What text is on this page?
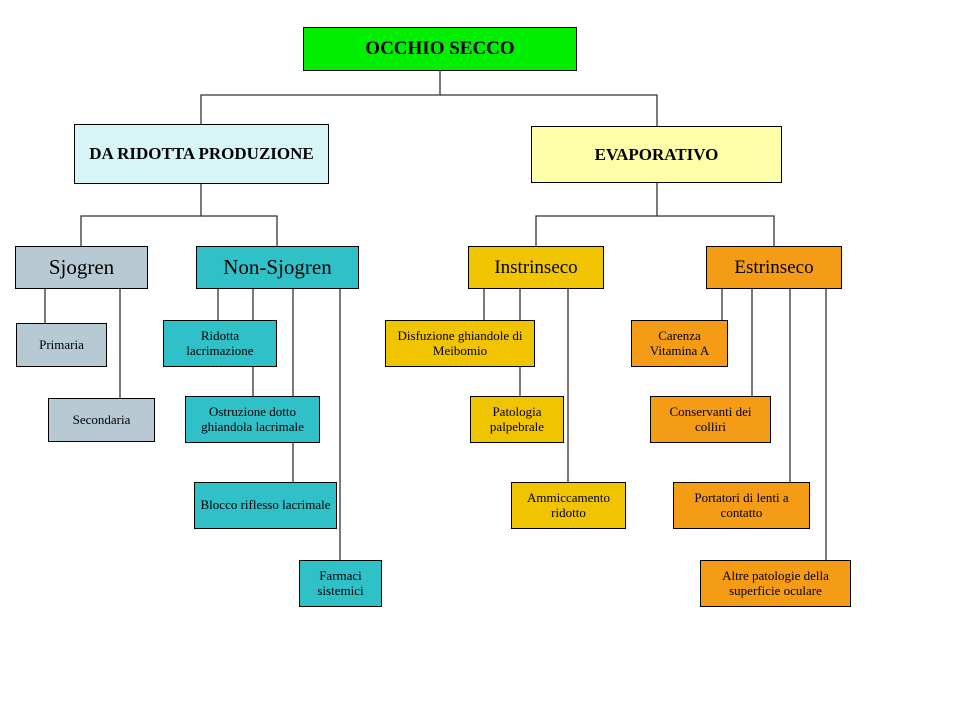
OCCHIO SECCO
DA RIDOTTA PRODUZIONE	EVAPORATIVO
Sjogren	Non-Sjogren	Instrinseco	Estrinseco
Primaria
Secondaria
Ridotta lacrimazione
Ostruzione dotto ghiandola lacrimale
Blocco riflesso lacrimale
Farmaci sistemici
Disfuzione ghiandole di Meibomio
Patologia palpebrale
Ammiccamento ridotto
Carenza Vitamina A
Conservanti dei colliri
Portatori di lenti a contatto
Altre patologie della superficie oculare
